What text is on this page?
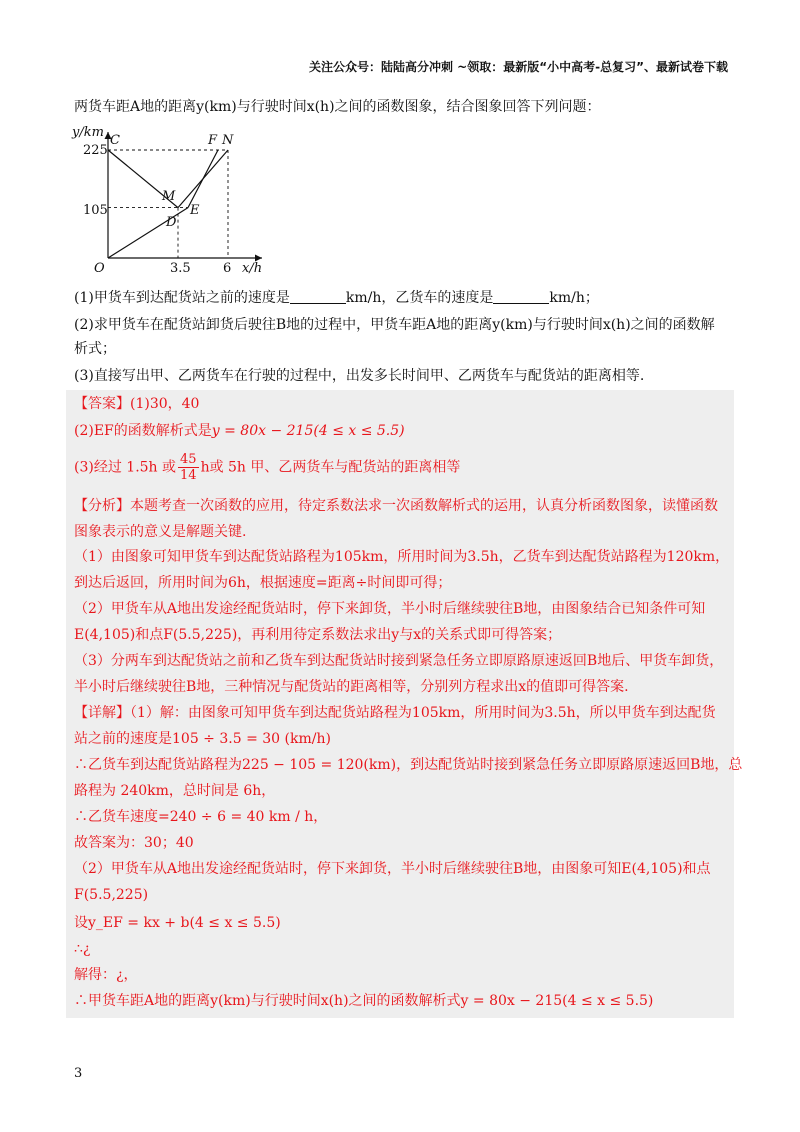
关注公众号：陆陆高分冲刺 ~领取：最新版“小中高考-总复习”、最新试卷下载
两货车距A地的距离y(km)与行驶时间x(h)之间的函数图象，结合图象回答下列问题：
y/km
x/h
O
225
105
3.5 6
C	F N
M
D
E
(1)甲货车到达配货站之前的速度是	km/h，乙货车的速度是	km/h；
(2)求甲货车在配货站卸货后驶往B地的过程中，甲货车距A地的距离y(km)与行驶时间x(h)之间的函数解
析式；
(3)直接写出甲、乙两货车在行驶的过程中，出发多长时间甲、乙两货车与配货站的距离相等.
【答案】(1)30，40
(2)EF的函数解析式是y = 80x − 215(4 ≤ x ≤ 5.5)
(3)经过 1.5h 或 $\frac{45}{14}$ h或 5h 甲、乙两货车与配货站的距离相等
【分析】本题考查一次函数的应用，待定系数法求一次函数解析式的运用，认真分析函数图象，读懂函数
图象表示的意义是解题关键.
（1）由图象可知甲货车到达配货站路程为105km，所用时间为3.5h，乙货车到达配货站路程为120km，
到达后返回，所用时间为6h，根据速度=距离÷时间即可得；
（2）甲货车从A地出发途经配货站时，停下来卸货，半小时后继续驶往B地，由图象结合已知条件可知
E(4,105)和点F(5.5,225)，再利用待定系数法求出y与x的关系式即可得答案；
（3）分两车到达配货站之前和乙货车到达配货站时接到紧急任务立即原路原速返回B地后、甲货车卸货，
半小时后继续驶往B地，三种情况与配货站的距离相等，分别列方程求出x的值即可得答案.
【详解】（1）解：由图象可知甲货车到达配货站路程为105km，所用时间为3.5h，所以甲货车到达配货
站之前的速度是105 ÷ 3.5 = 30 (km/h)
∴乙货车到达配货站路程为225 − 105 = 120(km)，到达配货站时接到紧急任务立即原路原速返回B地，总
路程为 240km，总时间是 6h，
∴乙货车速度=240 ÷ 6 = 40 km / h，
故答案为：30；40
（2）甲货车从A地出发途经配货站时，停下来卸货，半小时后继续驶往B地，由图象可知E(4,105)和点
F(5.5,225)
设y_EF = kx + b(4 ≤ x ≤ 5.5)
∴¿
解得：¿，
∴甲货车距A地的距离y(km)与行驶时间x(h)之间的函数解析式y = 80x − 215(4 ≤ x ≤ 5.5)
3
